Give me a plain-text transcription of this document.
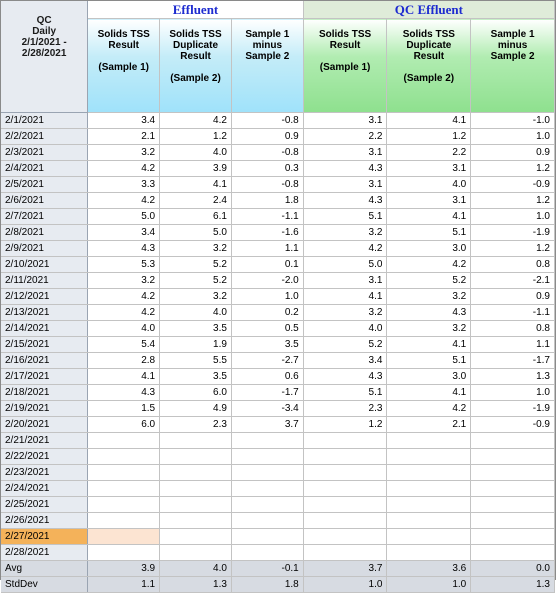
QC
Daily
2/1/2021 -
2/28/2021	Effluent			QC Effluent		

	Solids TSS
Result
(Sample 1)	Solids TSS
Duplicate
Result
(Sample 2)	Sample 1
minus
Sample 2	Solids TSS
Result
(Sample 1)	Solids TSS
Duplicate
Result
(Sample 2)	Sample 1
minus
Sample 2

2/1/2021	3.4	4.2	-0.8	3.1	4.1	-1.0
2/2/2021	2.1	1.2	0.9	2.2	1.2	1.0
2/3/2021	3.2	4.0	-0.8	3.1	2.2	0.9
2/4/2021	4.2	3.9	0.3	4.3	3.1	1.2
2/5/2021	3.3	4.1	-0.8	3.1	4.0	-0.9
2/6/2021	4.2	2.4	1.8	4.3	3.1	1.2
2/7/2021	5.0	6.1	-1.1	5.1	4.1	1.0
2/8/2021	3.4	5.0	-1.6	3.2	5.1	-1.9
2/9/2021	4.3	3.2	1.1	4.2	3.0	1.2
2/10/2021	5.3	5.2	0.1	5.0	4.2	0.8
2/11/2021	3.2	5.2	-2.0	3.1	5.2	-2.1
2/12/2021	4.2	3.2	1.0	4.1	3.2	0.9
2/13/2021	4.2	4.0	0.2	3.2	4.3	-1.1
2/14/2021	4.0	3.5	0.5	4.0	3.2	0.8
2/15/2021	5.4	1.9	3.5	5.2	4.1	1.1
2/16/2021	2.8	5.5	-2.7	3.4	5.1	-1.7
2/17/2021	4.1	3.5	0.6	4.3	3.0	1.3
2/18/2021	4.3	6.0	-1.7	5.1	4.1	1.0
2/19/2021	1.5	4.9	-3.4	2.3	4.2	-1.9
2/20/2021	6.0	2.3	3.7	1.2	2.1	-0.9
2/21/2021						
2/22/2021						
2/23/2021						
2/24/2021						
2/25/2021						
2/26/2021						
2/27/2021						
2/28/2021						
Avg	3.9	4.0	-0.1	3.7	3.6	0.0
StdDev	1.1	1.3	1.8	1.0	1.0	1.3
